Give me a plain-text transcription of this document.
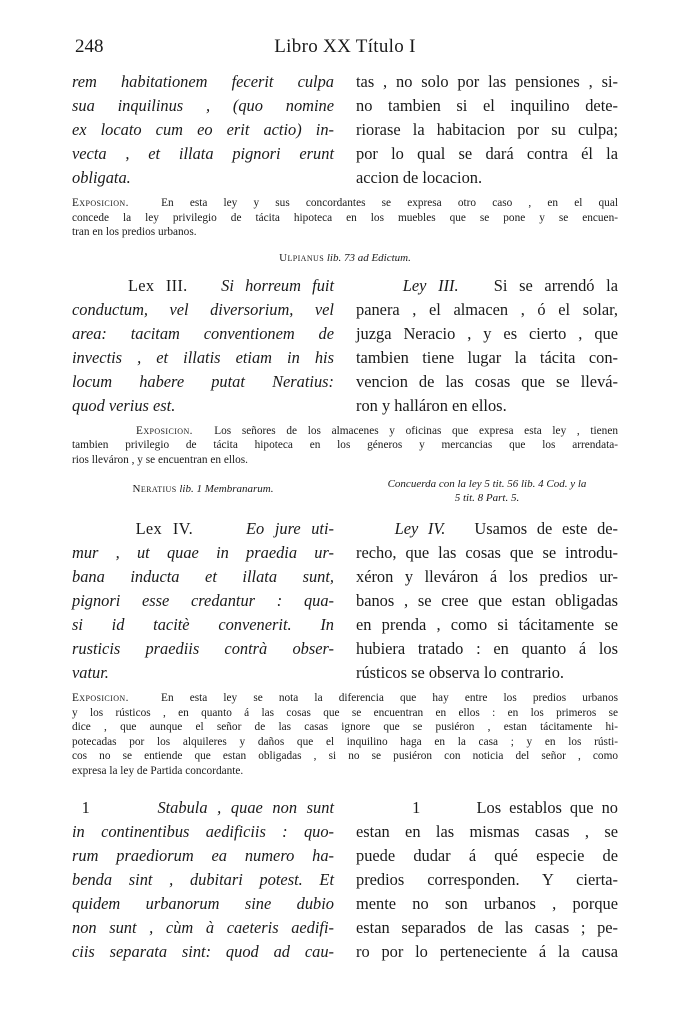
248	Libro XX Título I
rem habitationem fecerit culpa
sua inquilinus , (quo nomine
ex locato cum eo erit actio) in-
vecta , et illata pignori erunt
obligata.
tas , no solo por las pensiones , si-
no tambien si el inquilino dete-
riorase la habitacion por su culpa;
por lo qual se dará contra él la
accion de locacion.
Exposicion.	En esta ley y sus concordantes se expresa otro caso , en el qual
concede la ley privilegio de tácita hipoteca en los muebles que se pone y se encuen-
tran en los predios urbanos.
Ulpianus lib. 73 ad Edictum.
Lex III. Si horreum fuit
conductum, vel diversorium, vel
area: tacitam conventionem de
invectis , et illatis etiam in his
locum habere putat Neratius:
quod verius est.
Ley III. Si se arrendó la
panera , el almacen , ó el solar,
juzga Neracio , y es cierto , que
tambien tiene lugar la tácita con-
vencion de las cosas que se llevá-
ron y halláron en ellos.
Exposicion. Los señores de los almacenes y oficinas que expresa esta ley , tienen
tambien privilegio de tácita hipoteca en los géneros y mercancias que los arrendata-
rios lleváron , y se encuentran en ellos.
Neratius lib. 1 Membranarum.	Concuerda con la ley 5 tit. 56 lib. 4 Cod. y la
5 tit. 8 Part. 5.
Lex IV.	Eo jure uti-
mur , ut quae in praedia ur-
bana inducta et illata sunt,
pignori esse credantur : qua-
si id tacitè convenerit. In
rusticis praediis contrà obser-
vatur.
Ley IV. Usamos de este de-
recho, que las cosas que se introdu-
xéron y lleváron á los predios ur-
banos , se cree que estan obligadas
en prenda , como si tácitamente se
hubiera tratado : en quanto á los
rústicos se observa lo contrario.
Exposicion.	En esta ley se nota la diferencia que hay entre los predios urbanos
y los rústicos , en quanto á las cosas que se encuentran en ellos : en los primeros se
dice , que aunque el señor de las casas ignore que se pusiéron , estan tácitamente hi-
potecadas por los alquileres y daños que el inquilino haga en la casa ; y en los rústi-
cos no se entiende que estan obligadas , si no se pusiéron con noticia del señor , como
expresa la ley de Partida concordante.
1	Stabula , quae non sunt
in continentibus aedificiis : quo-
rum praediorum ea numero ha-
benda sint , dubitari potest. Et
quidem urbanorum sine dubio
non sunt , cùm à caeteris aedifi-
ciis separata sint: quod ad cau-
1	Los establos que no
estan en las mismas casas , se
puede dudar á qué especie de
predios corresponden. Y cierta-
mente no son urbanos , porque
estan separados de las casas ; pe-
ro por lo perteneciente á la causa
